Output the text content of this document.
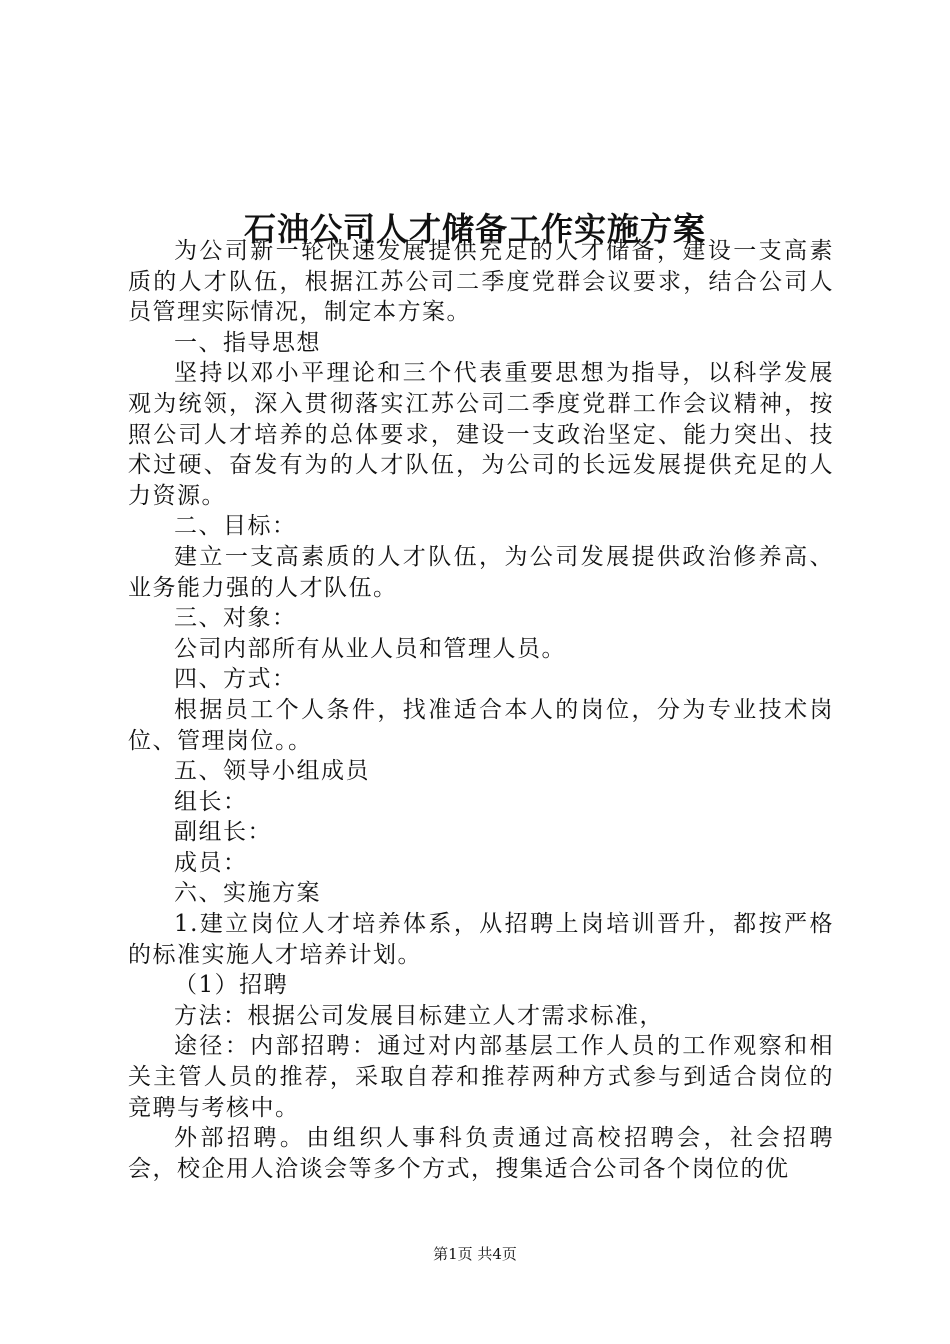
石油公司人才储备工作实施方案

为公司新一轮快速发展提供充足的人才储备，建设一支高素质的人才队伍，根据江苏公司二季度党群会议要求，结合公司人员管理实际情况，制定本方案。

一、指导思想

坚持以邓小平理论和三个代表重要思想为指导，以科学发展观为统领，深入贯彻落实江苏公司二季度党群工作会议精神，按照公司人才培养的总体要求，建设一支政治坚定、能力突出、技术过硬、奋发有为的人才队伍，为公司的长远发展提供充足的人力资源。

二、目标：

建立一支高素质的人才队伍，为公司发展提供政治修养高、业务能力强的人才队伍。

三、对象：

公司内部所有从业人员和管理人员。

四、方式：

根据员工个人条件，找准适合本人的岗位，分为专业技术岗位、管理岗位。。

五、领导小组成员

组长：

副组长：

成员：

六、实施方案

1.建立岗位人才培养体系，从招聘上岗培训晋升，都按严格的标准实施人才培养计划。

（1）招聘

方法：根据公司发展目标建立人才需求标准，

途径：内部招聘：通过对内部基层工作人员的工作观察和相关主管人员的推荐，采取自荐和推荐两种方式参与到适合岗位的竞聘与考核中。

外部招聘。由组织人事科负责通过高校招聘会，社会招聘会，校企用人洽谈会等多个方式，搜集适合公司各个岗位的优

第1页 共4页
